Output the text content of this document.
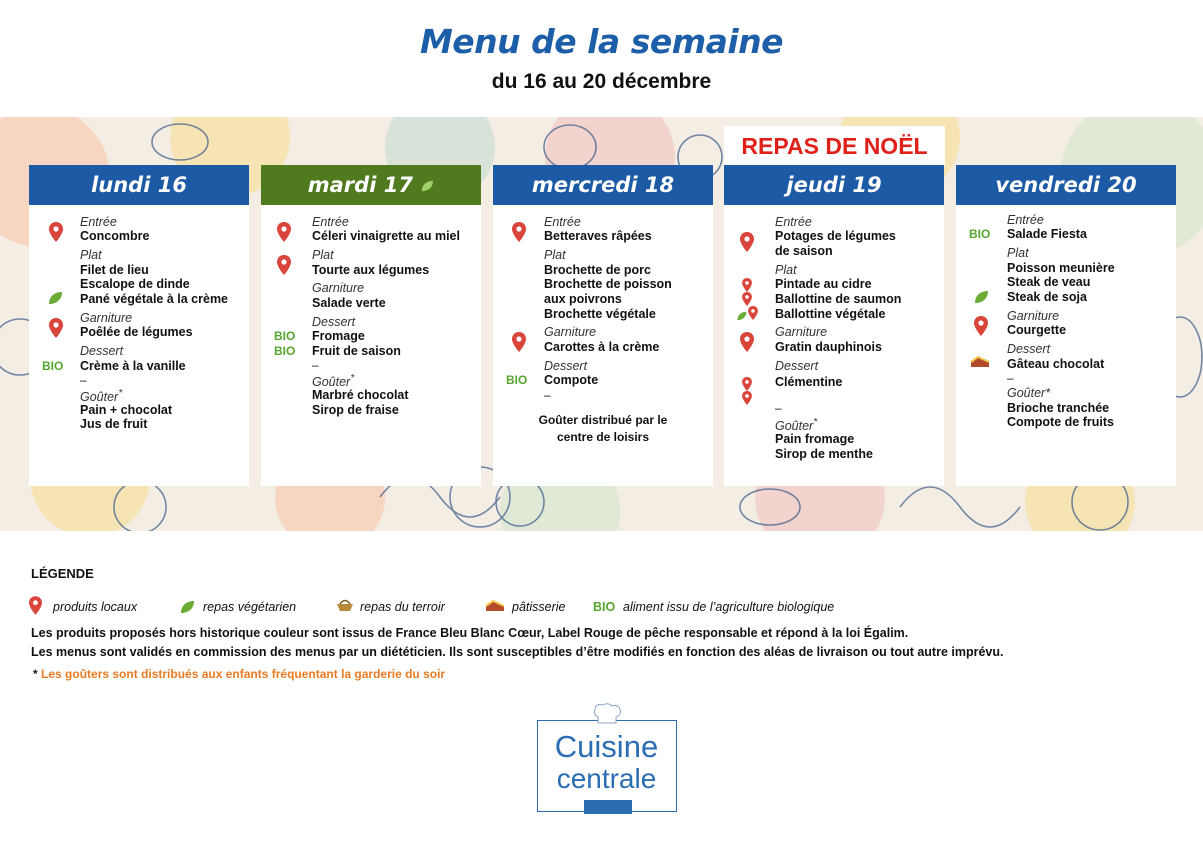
Menu de la semaine
du 16 au 20 décembre
REPAS DE NOËL
lundi 16
Entrée
Concombre
Plat
Filet de lieu
Escalope de dinde
Pané végétale à la crème
Garniture
Poêlée de légumes
Dessert
BIO Crème à la vanille
–
Goûter*
Pain + chocolat
Jus de fruit
mardi 17
Entrée
Céleri vinaigrette au miel
Plat
Tourte aux légumes
Garniture
Salade verte
Dessert
BIO Fromage
BIO Fruit de saison
–
Goûter*
Marbré chocolat
Sirop de fraise
mercredi 18
Entrée
Betteraves râpées
Plat
Brochette de porc
Brochette de poisson
aux poivrons
Brochette végétale
Garniture
Carottes à la crème
Dessert
BIO Compote
–
Goûter distribué par le
centre de loisirs
jeudi 19
Entrée
Potages de légumes
de saison
Plat
Pintade au cidre
Ballottine de saumon
Ballottine végétale
Garniture
Gratin dauphinois
Dessert
Clémentine
–
Goûter*
Pain fromage
Sirop de menthe
vendredi 20
Entrée
BIO Salade Fiesta
Plat
Poisson meunière
Steak de veau
Steak de soja
Garniture
Courgette
Dessert
Gâteau chocolat
–
Goûter*
Brioche tranchée
Compote de fruits
LÉGENDE
produits locaux	repas végétarien	repas du terroir	pâtisserie BIO aliment issu de l’agriculture biologique
Les produits proposés hors historique couleur sont issus de France Bleu Blanc Cœur, Label Rouge de pêche responsable et répond à la loi Égalim.
Les menus sont validés en commission des menus par un diététicien. Ils sont susceptibles d’être modifiés en fonction des aléas de livraison ou tout autre imprévu.
* Les goûters sont distribués aux enfants fréquentant la garderie du soir
Cuisine
centrale
